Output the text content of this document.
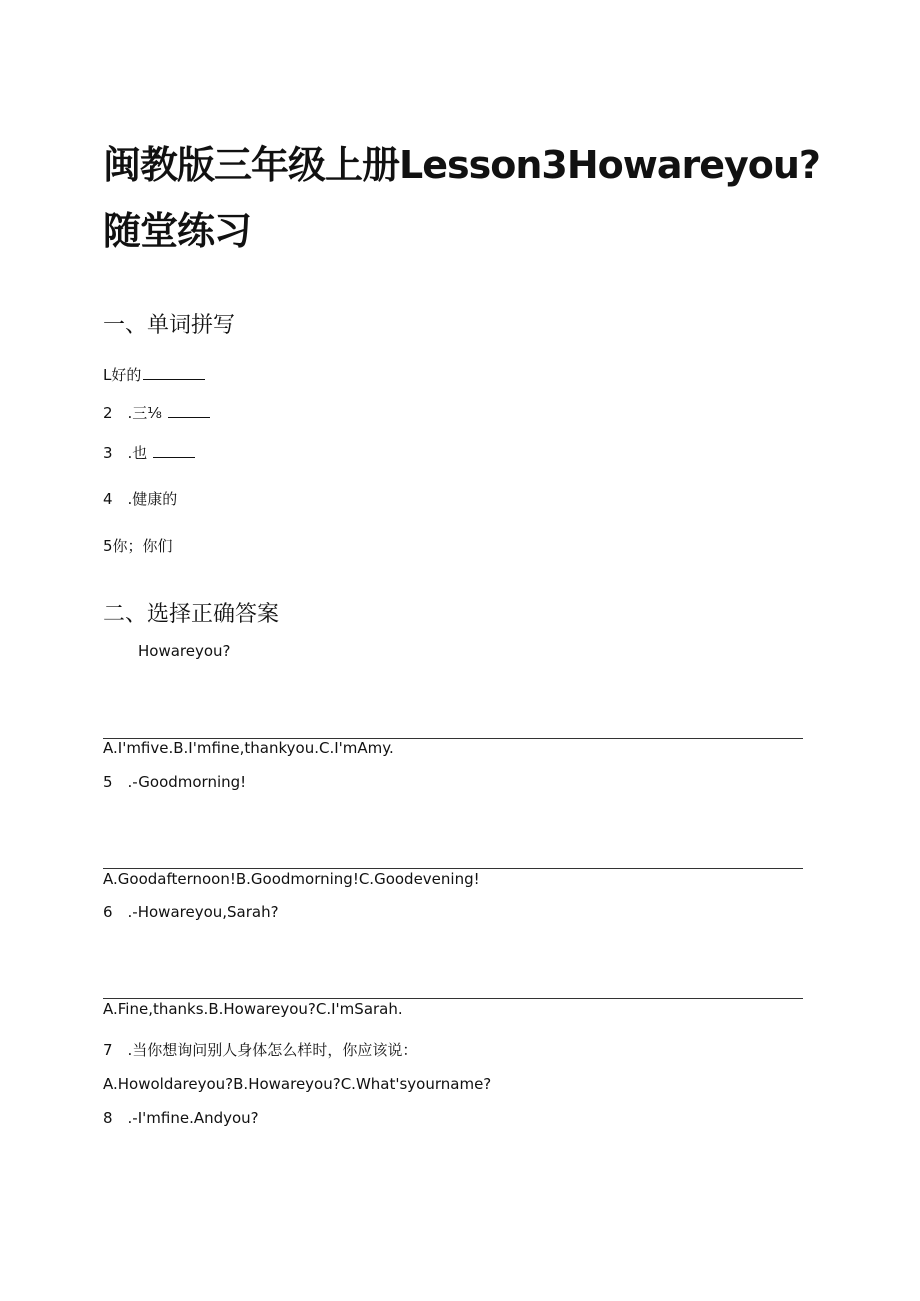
闽教版三年级上册Lesson3Howareyou?
随堂练习
一、单词拼写
L好的
2 .三⅛
3 .也
4 .健康的
5你；你们
二、选择正确答案
Howareyou?
A.I'mfive.B.I'mfine,thankyou.C.I'mAmy.
5 .-Goodmorning!
A.Goodafternoon!B.Goodmorning!C.Goodevening!
6 .-Howareyou,Sarah?
A.Fine,thanks.B.Howareyou?C.I'mSarah.
7 .当你想询问别人身体怎么样时，你应该说：
A.Howoldareyou?B.Howareyou?C.What'syourname?
8 .-I'mfine.Andyou?
